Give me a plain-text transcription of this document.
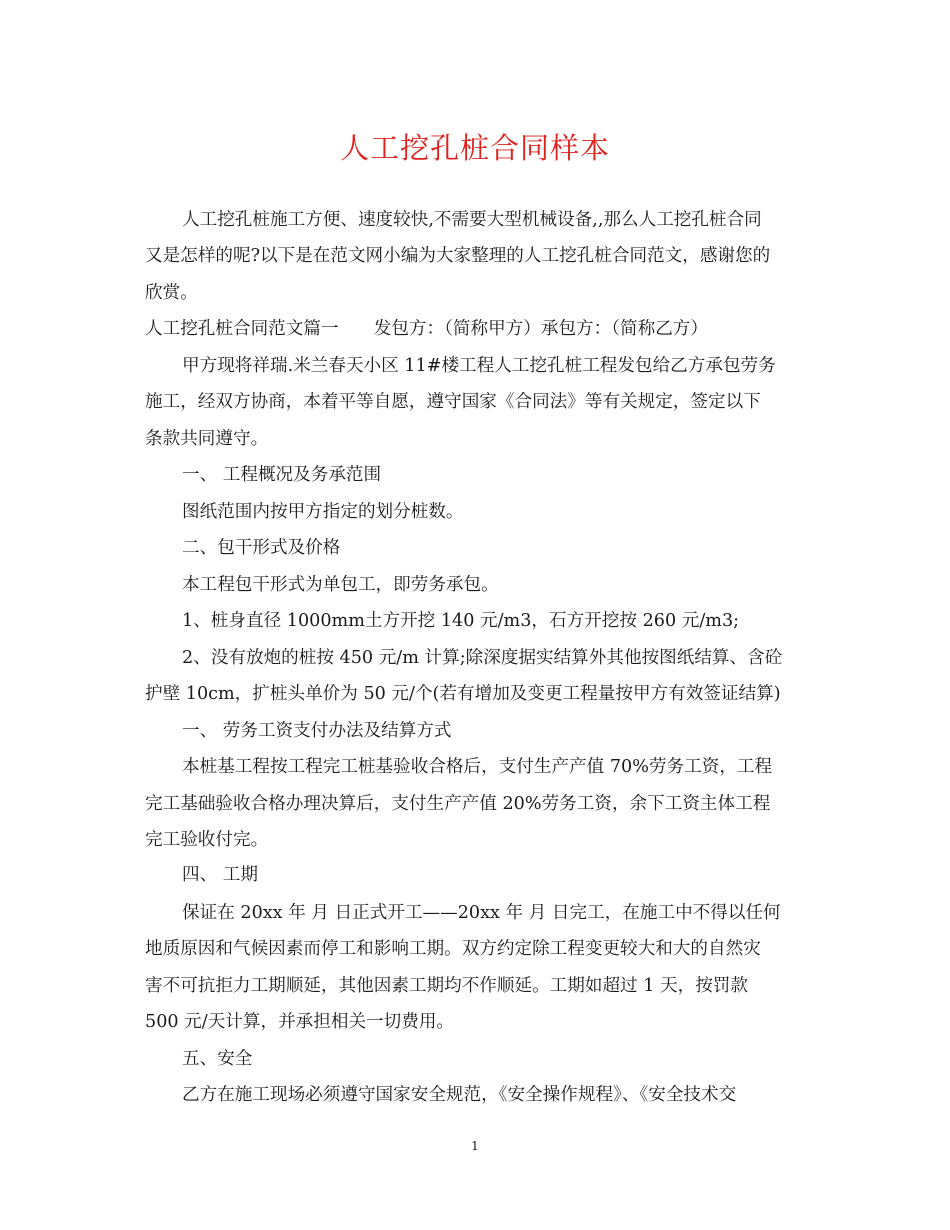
人工挖孔桩合同样本
人工挖孔桩施工方便、速度较快,不需要大型机械设备,,那么人工挖孔桩合同
又是怎样的呢?以下是在范文网小编为大家整理的人工挖孔桩合同范文，感谢您的
欣赏。
人工挖孔桩合同范文篇一　　发包方：（简称甲方）承包方：（简称乙方）
甲方现将祥瑞.米兰春天小区 11#楼工程人工挖孔桩工程发包给乙方承包劳务
施工，经双方协商，本着平等自愿，遵守国家《合同法》等有关规定，签定以下
条款共同遵守。
一、 工程概况及务承范围
图纸范围内按甲方指定的划分桩数。
二、包干形式及价格
本工程包干形式为单包工，即劳务承包。
1、桩身直径 1000mm土方开挖 140 元/m3，石方开挖按 260 元/m3;
2、没有放炮的桩按 450 元/m 计算;除深度据实结算外其他按图纸结算、含砼
护壁 10cm，扩桩头单价为 50 元/个(若有增加及变更工程量按甲方有效签证结算)
一、 劳务工资支付办法及结算方式
本桩基工程按工程完工桩基验收合格后，支付生产产值 70%劳务工资，工程
完工基础验收合格办理决算后，支付生产产值 20%劳务工资，余下工资主体工程
完工验收付完。
四、 工期
保证在 20xx 年 月 日正式开工——20xx 年 月 日完工，在施工中不得以任何
地质原因和气候因素而停工和影响工期。双方约定除工程变更较大和大的自然灾
害不可抗拒力工期顺延，其他因素工期均不作顺延。工期如超过 1 天，按罚款
500 元/天计算，并承担相关一切费用。
五、安全
乙方在施工现场必须遵守国家安全规范，《安全操作规程》、《安全技术交
1
